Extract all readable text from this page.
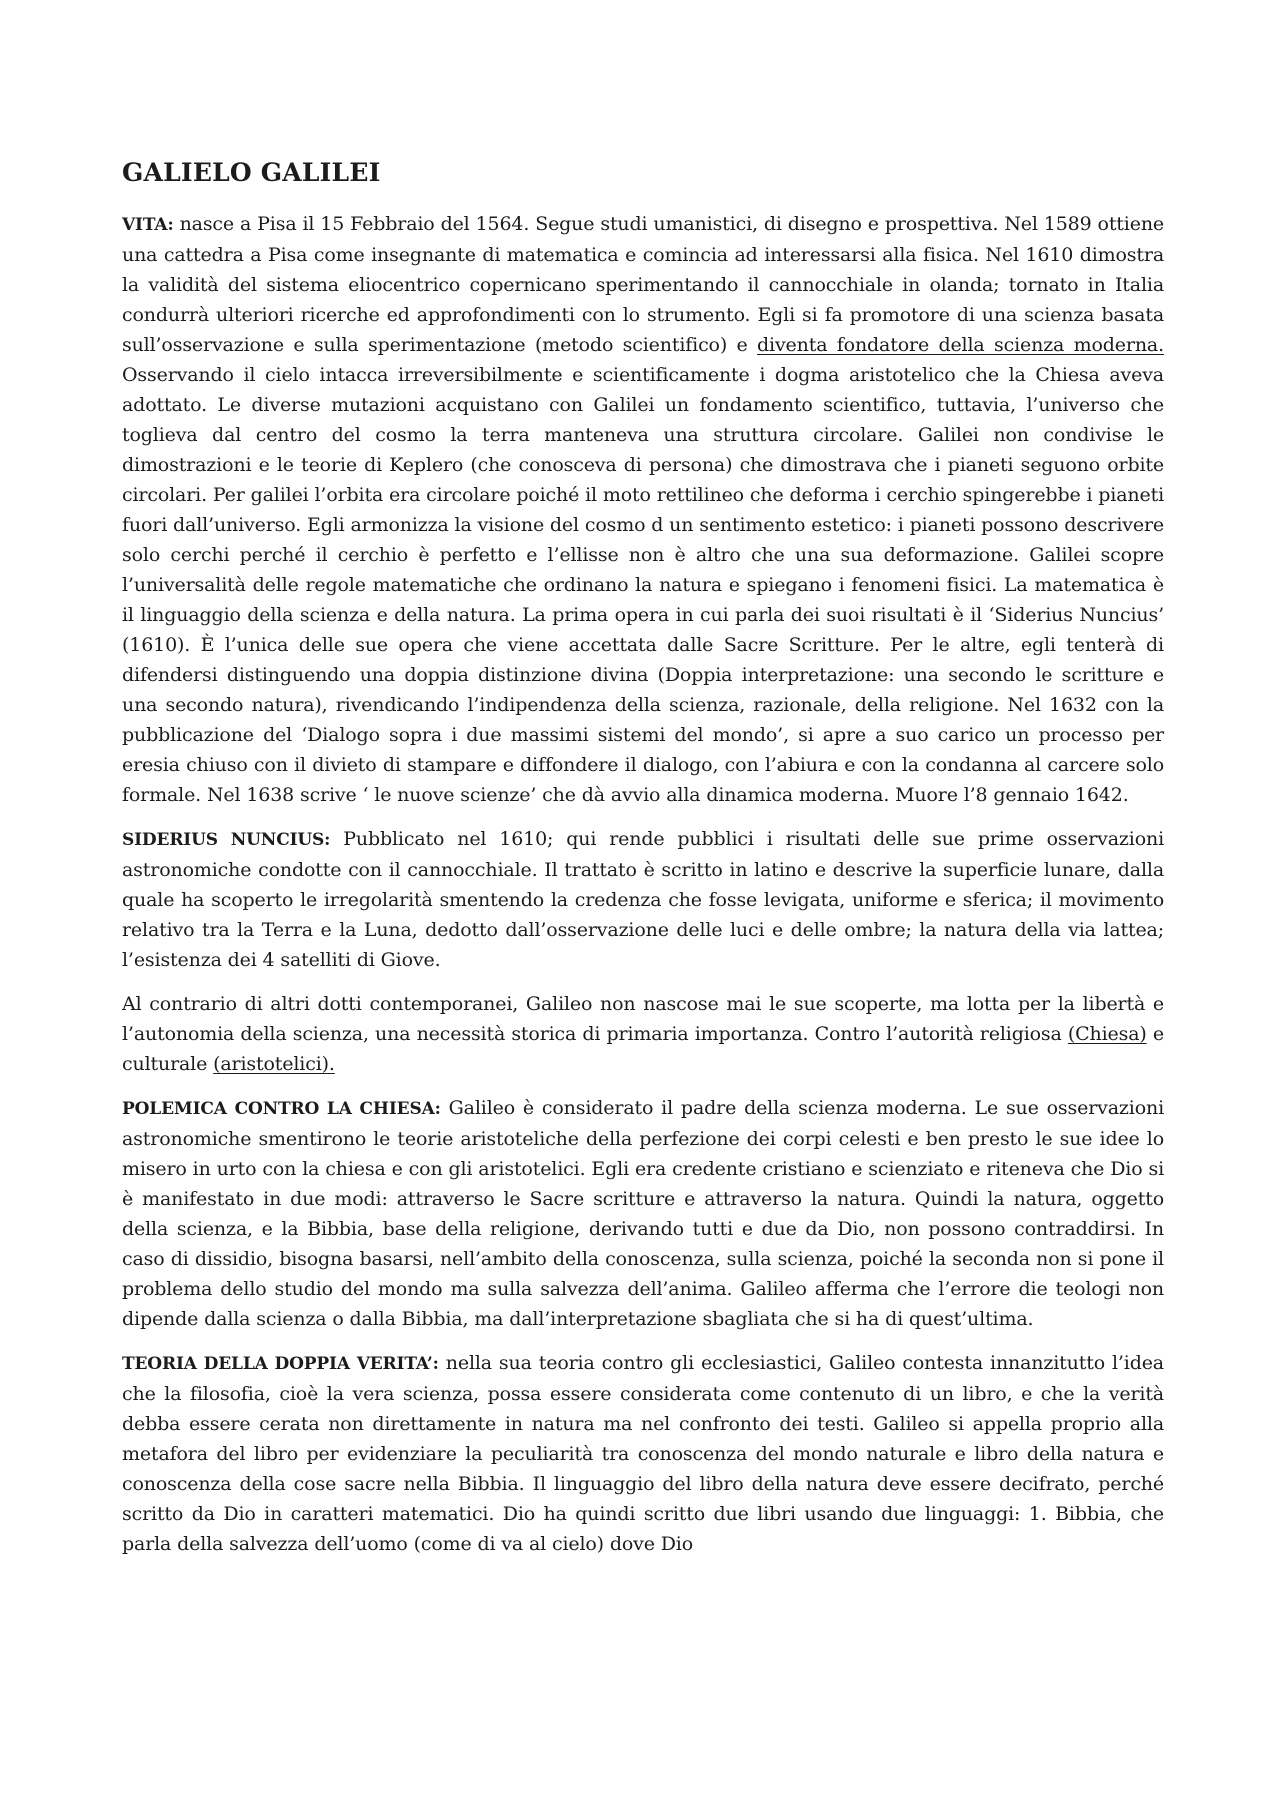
GALIELO GALILEI

VITA: nasce a Pisa il 15 Febbraio del 1564. Segue studi umanistici, di disegno e prospettiva. Nel 1589 ottiene una cattedra a Pisa come insegnante di matematica e comincia ad interessarsi alla fisica. Nel 1610 dimostra la validità del sistema eliocentrico copernicano sperimentando il cannocchiale in olanda; tornato in Italia condurrà ulteriori ricerche ed approfondimenti con lo strumento. Egli si fa promotore di una scienza basata sull’osservazione e sulla sperimentazione (metodo scientifico) e diventa fondatore della scienza moderna. Osservando il cielo intacca irreversibilmente e scientificamente i dogma aristotelico che la Chiesa aveva adottato. Le diverse mutazioni acquistano con Galilei un fondamento scientifico, tuttavia, l’universo che toglieva dal centro del cosmo la terra manteneva una struttura circolare. Galilei non condivise le dimostrazioni e le teorie di Keplero (che conosceva di persona) che dimostrava che i pianeti seguono orbite circolari. Per galilei l’orbita era circolare poiché il moto rettilineo che deforma i cerchio spingerebbe i pianeti fuori dall’universo. Egli armonizza la visione del cosmo d un sentimento estetico: i pianeti possono descrivere solo cerchi perché il cerchio è perfetto e l’ellisse non è altro che una sua deformazione. Galilei scopre l’universalità delle regole matematiche che ordinano la natura e spiegano i fenomeni fisici. La matematica è il linguaggio della scienza e della natura. La prima opera in cui parla dei suoi risultati è il ‘Siderius Nuncius’ (1610). È l’unica delle sue opera che viene accettata dalle Sacre Scritture. Per le altre, egli tenterà di difendersi distinguendo una doppia distinzione divina (Doppia interpretazione: una secondo le scritture e una secondo natura), rivendicando l’indipendenza della scienza, razionale, della religione. Nel 1632 con la pubblicazione del ‘Dialogo sopra i due massimi sistemi del mondo’, si apre a suo carico un processo per eresia chiuso con il divieto di stampare e diffondere il dialogo, con l’abiura e con la condanna al carcere solo formale. Nel 1638 scrive ‘ le nuove scienze’ che dà avvio alla dinamica moderna. Muore l’8 gennaio 1642.

SIDERIUS NUNCIUS: Pubblicato nel 1610; qui rende pubblici i risultati delle sue prime osservazioni astronomiche condotte con il cannocchiale. Il trattato è scritto in latino e descrive la superficie lunare, dalla quale ha scoperto le irregolarità smentendo la credenza che fosse levigata, uniforme e sferica; il movimento relativo tra la Terra e la Luna, dedotto dall’osservazione delle luci e delle ombre; la natura della via lattea; l’esistenza dei 4 satelliti di Giove.

Al contrario di altri dotti contemporanei, Galileo non nascose mai le sue scoperte, ma lotta per la libertà e l’autonomia della scienza, una necessità storica di primaria importanza. Contro l’autorità religiosa (Chiesa) e culturale (aristotelici).

POLEMICA CONTRO LA CHIESA: Galileo è considerato il padre della scienza moderna. Le sue osservazioni astronomiche smentirono le teorie aristoteliche della perfezione dei corpi celesti e ben presto le sue idee lo misero in urto con la chiesa e con gli aristotelici. Egli era credente cristiano e scienziato e riteneva che Dio si è manifestato in due modi: attraverso le Sacre scritture e attraverso la natura. Quindi la natura, oggetto della scienza, e la Bibbia, base della religione, derivando tutti e due da Dio, non possono contraddirsi. In caso di dissidio, bisogna basarsi, nell’ambito della conoscenza, sulla scienza, poiché la seconda non si pone il problema dello studio del mondo ma sulla salvezza dell’anima. Galileo afferma che l’errore die teologi non dipende dalla scienza o dalla Bibbia, ma dall’interpretazione sbagliata che si ha di quest’ultima.

TEORIA DELLA DOPPIA VERITA’: nella sua teoria contro gli ecclesiastici, Galileo contesta innanzitutto l’idea che la filosofia, cioè la vera scienza, possa essere considerata come contenuto di un libro, e che la verità debba essere cerata non direttamente in natura ma nel confronto dei testi. Galileo si appella proprio alla metafora del libro per evidenziare la peculiarità tra conoscenza del mondo naturale e libro della natura e conoscenza della cose sacre nella Bibbia. Il linguaggio del libro della natura deve essere decifrato, perché scritto da Dio in caratteri matematici. Dio ha quindi scritto due libri usando due linguaggi: 1. Bibbia, che parla della salvezza dell’uomo (come di va al cielo) dove Dio
